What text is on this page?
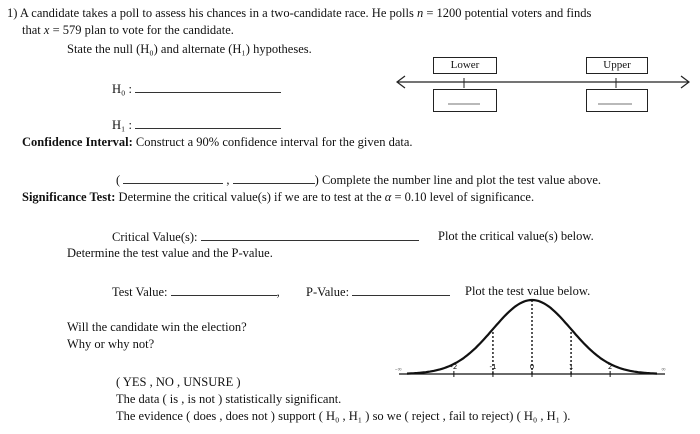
1) A candidate takes a poll to assess his chances in a two-candidate race. He polls n = 1200 potential voters and finds
that x = 579 plan to vote for the candidate.
State the null (H₀) and alternate (H₁) hypotheses.
H₀ :
H₁ :
Lower	Upper
Confidence Interval: Construct a 90% confidence interval for the given data.
(	,	) Complete the number line and plot the test value above.
Significance Test: Determine the critical value(s) if we are to test at the α = 0.10 level of significance.
Critical Value(s):	Plot the critical value(s) below.
Determine the test value and the P-value.
Test Value:	, P-Value:	Plot the test value below.
Will the candidate win the election?
Why or why not?
( YES , NO , UNSURE )
The data ( is , is not ) statistically significant.
The evidence ( does , does not ) support ( H₀ , H₁ ) so we ( reject , fail to reject) ( H₀ , H₁ ).
-2	-1	0	1	2
-∞	∞
